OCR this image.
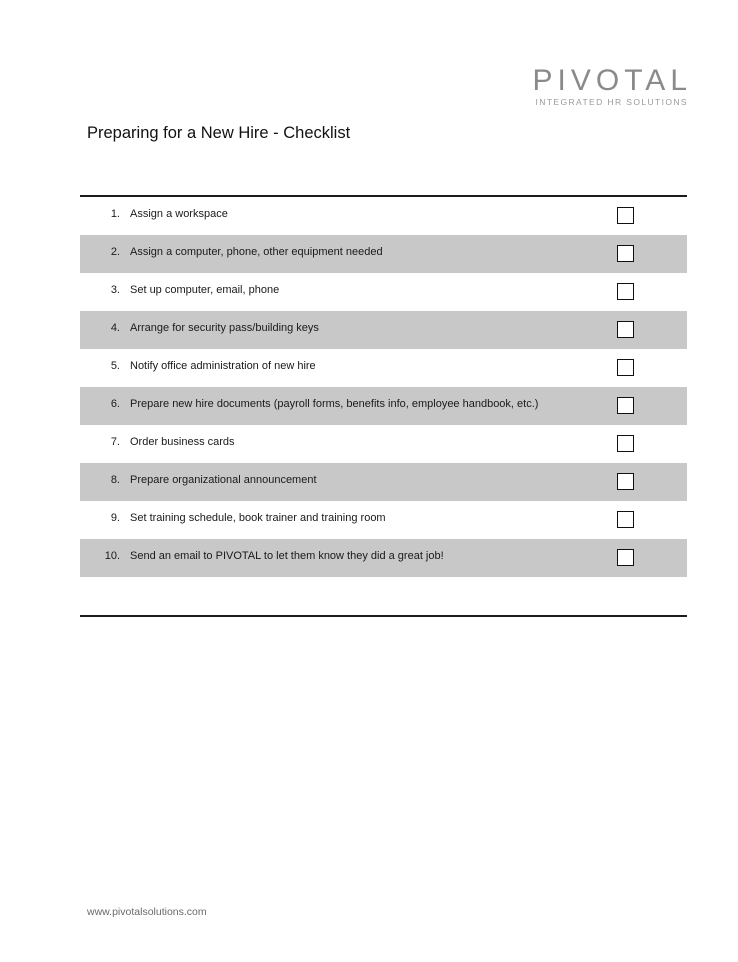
PIVOTAL
INTEGRATED HR SOLUTIONS
Preparing for a New Hire - Checklist
1. Assign a workspace
2. Assign a computer, phone, other equipment needed
3. Set up computer, email, phone
4. Arrange for security pass/building keys
5. Notify office administration of new hire
6. Prepare new hire documents (payroll forms, benefits info, employee handbook, etc.)
7. Order business cards
8. Prepare organizational announcement
9. Set training schedule, book trainer and training room
10. Send an email to PIVOTAL to let them know they did a great job!
www.pivotalsolutions.com
